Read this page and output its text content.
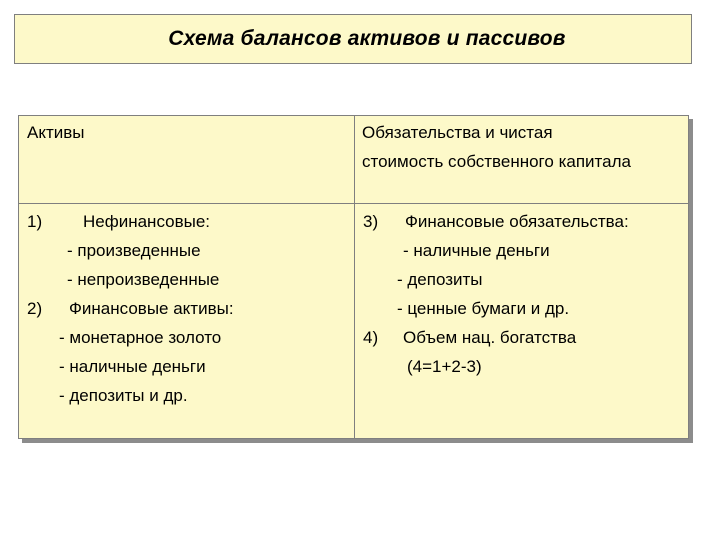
Схема балансов активов и пассивов
Активы	Обязательства и чистая
стоимость собственного капитала
1) Нефинансовые:
- произведенные
- непроизведенные
2) Финансовые активы:
- монетарное золото
- наличные деньги
- депозиты и др.
3) Финансовые обязательства:
- наличные деньги
- депозиты
- ценные бумаги и др.
4) Объем нац. богатства
(4=1+2-3)
